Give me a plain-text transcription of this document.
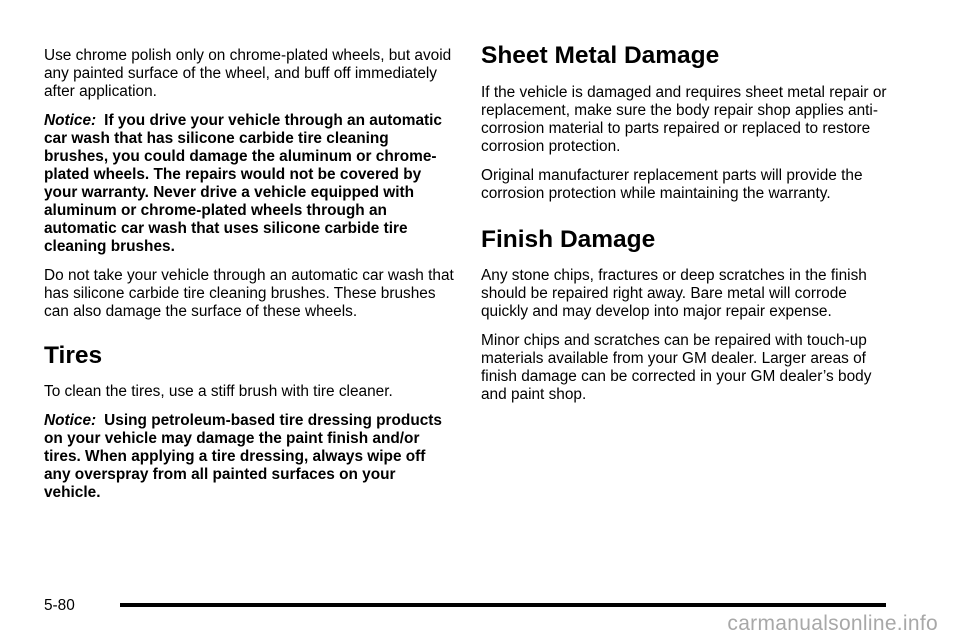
Use chrome polish only on chrome-plated wheels, but avoid any painted surface of the wheel, and buff off immediately after application.

Notice: If you drive your vehicle through an automatic car wash that has silicone carbide tire cleaning brushes, you could damage the aluminum or chrome-plated wheels. The repairs would not be covered by your warranty. Never drive a vehicle equipped with aluminum or chrome-plated wheels through an automatic car wash that uses silicone carbide tire cleaning brushes.

Do not take your vehicle through an automatic car wash that has silicone carbide tire cleaning brushes. These brushes can also damage the surface of these wheels.

Tires

To clean the tires, use a stiff brush with tire cleaner.

Notice: Using petroleum-based tire dressing products on your vehicle may damage the paint finish and/or tires. When applying a tire dressing, always wipe off any overspray from all painted surfaces on your vehicle.

Sheet Metal Damage

If the vehicle is damaged and requires sheet metal repair or replacement, make sure the body repair shop applies anti-corrosion material to parts repaired or replaced to restore corrosion protection.

Original manufacturer replacement parts will provide the corrosion protection while maintaining the warranty.

Finish Damage

Any stone chips, fractures or deep scratches in the finish should be repaired right away. Bare metal will corrode quickly and may develop into major repair expense.

Minor chips and scratches can be repaired with touch-up materials available from your GM dealer. Larger areas of finish damage can be corrected in your GM dealer’s body and paint shop.

5-80
carmanualsonline.info
